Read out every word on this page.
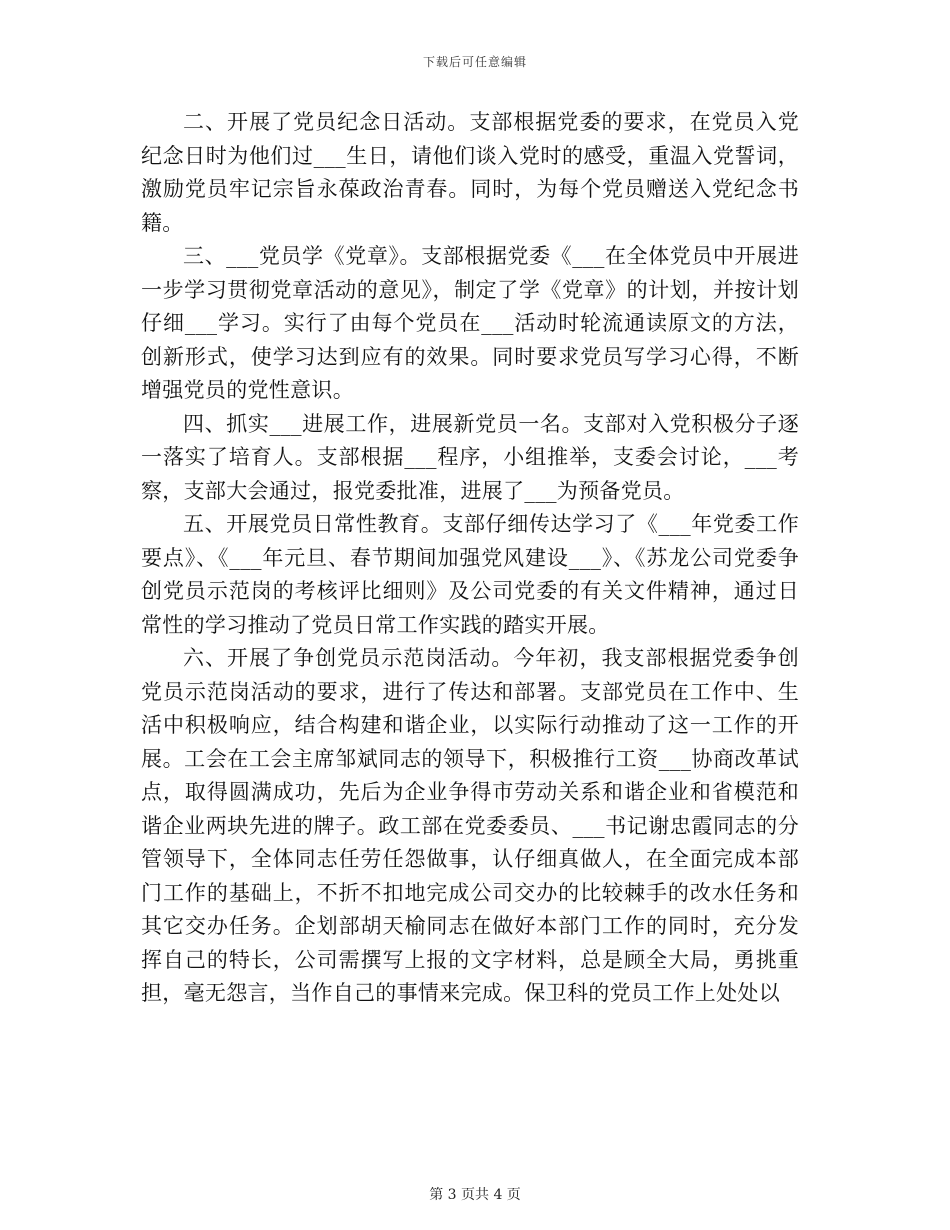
下载后可任意编辑

二、开展了党员纪念日活动。支部根据党委的要求，在党员入党纪念日时为他们过___生日，请他们谈入党时的感受，重温入党誓词，激励党员牢记宗旨永葆政治青春。同时，为每个党员赠送入党纪念书籍。

三、___党员学《党章》。支部根据党委《___在全体党员中开展进一步学习贯彻党章活动的意见》，制定了学《党章》的计划，并按计划仔细___学习。实行了由每个党员在___活动时轮流通读原文的方法，创新形式，使学习达到应有的效果。同时要求党员写学习心得，不断增强党员的党性意识。

四、抓实___进展工作，进展新党员一名。支部对入党积极分子逐一落实了培育人。支部根据___程序，小组推举，支委会讨论，___考察，支部大会通过，报党委批准，进展了___为预备党员。

五、开展党员日常性教育。支部仔细传达学习了《___年党委工作要点》、《___年元旦、春节期间加强党风建设___》、《苏龙公司党委争创党员示范岗的考核评比细则》及公司党委的有关文件精神，通过日常性的学习推动了党员日常工作实践的踏实开展。

六、开展了争创党员示范岗活动。今年初，我支部根据党委争创党员示范岗活动的要求，进行了传达和部署。支部党员在工作中、生活中积极响应，结合构建和谐企业，以实际行动推动了这一工作的开展。工会在工会主席邹斌同志的领导下，积极推行工资___协商改革试点，取得圆满成功，先后为企业争得市劳动关系和谐企业和省模范和谐企业两块先进的牌子。政工部在党委委员、___书记谢忠霞同志的分管领导下，全体同志任劳任怨做事，认仔细真做人，在全面完成本部门工作的基础上，不折不扣地完成公司交办的比较棘手的改水任务和其它交办任务。企划部胡天榆同志在做好本部门工作的同时，充分发挥自己的特长，公司需撰写上报的文字材料，总是顾全大局，勇挑重担，毫无怨言，当作自己的事情来完成。保卫科的党员工作上处处以

第 3 页共 4 页
